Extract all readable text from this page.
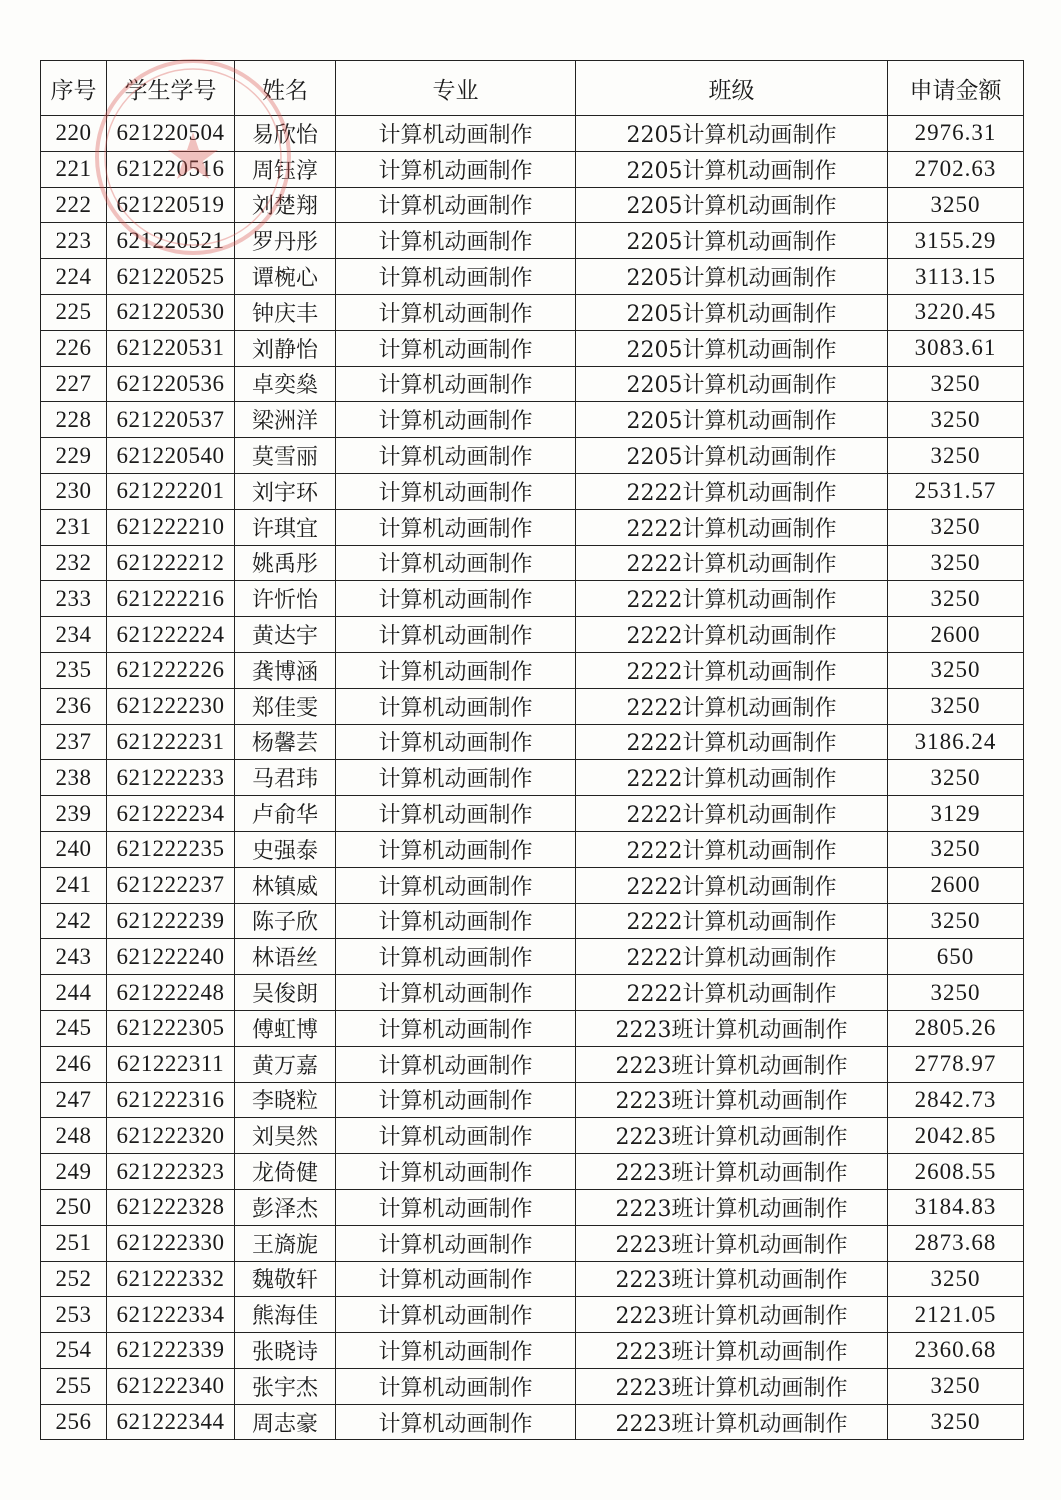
序号	学生学号	姓名	专业	班级	申请金额
220	621220504	易欣怡	计算机动画制作	2205计算机动画制作	2976.31
221	621220516	周钰淳	计算机动画制作	2205计算机动画制作	2702.63
222	621220519	刘楚翔	计算机动画制作	2205计算机动画制作	3250
223	621220521	罗丹彤	计算机动画制作	2205计算机动画制作	3155.29
224	621220525	谭椀心	计算机动画制作	2205计算机动画制作	3113.15
225	621220530	钟庆丰	计算机动画制作	2205计算机动画制作	3220.45
226	621220531	刘静怡	计算机动画制作	2205计算机动画制作	3083.61
227	621220536	卓奕燊	计算机动画制作	2205计算机动画制作	3250
228	621220537	梁洲洋	计算机动画制作	2205计算机动画制作	3250
229	621220540	莫雪丽	计算机动画制作	2205计算机动画制作	3250
230	621222201	刘宇环	计算机动画制作	2222计算机动画制作	2531.57
231	621222210	许琪宜	计算机动画制作	2222计算机动画制作	3250
232	621222212	姚禹彤	计算机动画制作	2222计算机动画制作	3250
233	621222216	许忻怡	计算机动画制作	2222计算机动画制作	3250
234	621222224	黄达宇	计算机动画制作	2222计算机动画制作	2600
235	621222226	龚博涵	计算机动画制作	2222计算机动画制作	3250
236	621222230	郑佳雯	计算机动画制作	2222计算机动画制作	3250
237	621222231	杨馨芸	计算机动画制作	2222计算机动画制作	3186.24
238	621222233	马君玮	计算机动画制作	2222计算机动画制作	3250
239	621222234	卢俞华	计算机动画制作	2222计算机动画制作	3129
240	621222235	史强泰	计算机动画制作	2222计算机动画制作	3250
241	621222237	林镇威	计算机动画制作	2222计算机动画制作	2600
242	621222239	陈子欣	计算机动画制作	2222计算机动画制作	3250
243	621222240	林语丝	计算机动画制作	2222计算机动画制作	650
244	621222248	吴俊朗	计算机动画制作	2222计算机动画制作	3250
245	621222305	傅虹博	计算机动画制作	2223班计算机动画制作	2805.26
246	621222311	黄万嘉	计算机动画制作	2223班计算机动画制作	2778.97
247	621222316	李晓粒	计算机动画制作	2223班计算机动画制作	2842.73
248	621222320	刘昊然	计算机动画制作	2223班计算机动画制作	2042.85
249	621222323	龙倚健	计算机动画制作	2223班计算机动画制作	2608.55
250	621222328	彭泽杰	计算机动画制作	2223班计算机动画制作	3184.83
251	621222330	王旖旎	计算机动画制作	2223班计算机动画制作	2873.68
252	621222332	魏敬轩	计算机动画制作	2223班计算机动画制作	3250
253	621222334	熊海佳	计算机动画制作	2223班计算机动画制作	2121.05
254	621222339	张晓诗	计算机动画制作	2223班计算机动画制作	2360.68
255	621222340	张宇杰	计算机动画制作	2223班计算机动画制作	3250
256	621222344	周志豪	计算机动画制作	2223班计算机动画制作	3250
